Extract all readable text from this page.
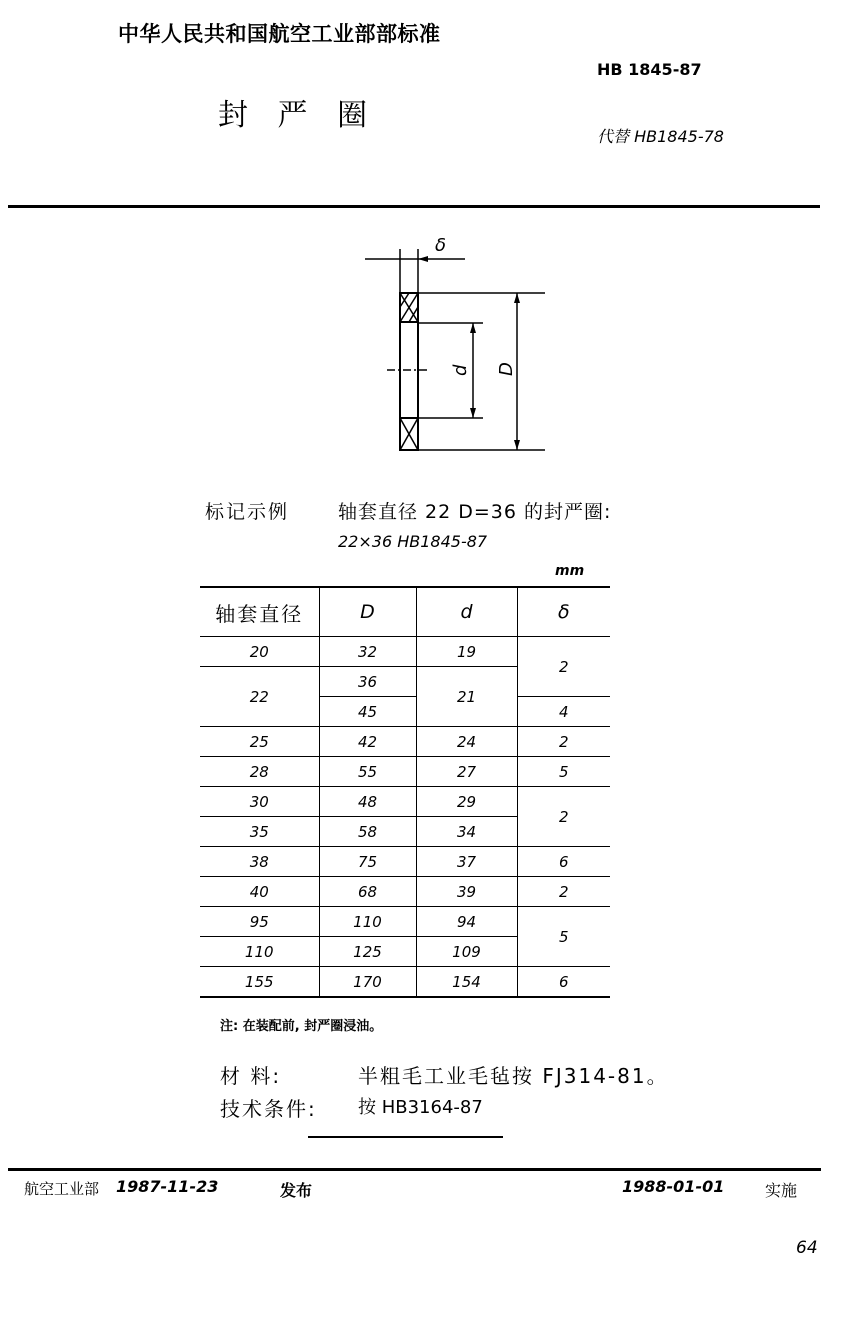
中华人民共和国航空工业部部标准
HB 1845-87
封 严 圈
代替 HB1845-78
δ
d D
标记示例	轴套直径 22 D=36 的封严圈:
22×36 HB1845-87
mm
轴套直径	D	d	δ
20	32	19	2
22	36	21	
	45		4
25	42	24	2
28	55	27	5
30	48	29	2
35	58	34	
38	75	37	6
40	68	39	2
95	110	94	5
110	125	109	
155	170	154	6
注: 在装配前, 封严圈浸油。
材 料:	半粗毛工业毛毡按 FJ314-81。
技术条件: 按 HB3164-87
航空工业部 1987-11-23	发布	1988-01-01	实施
64
